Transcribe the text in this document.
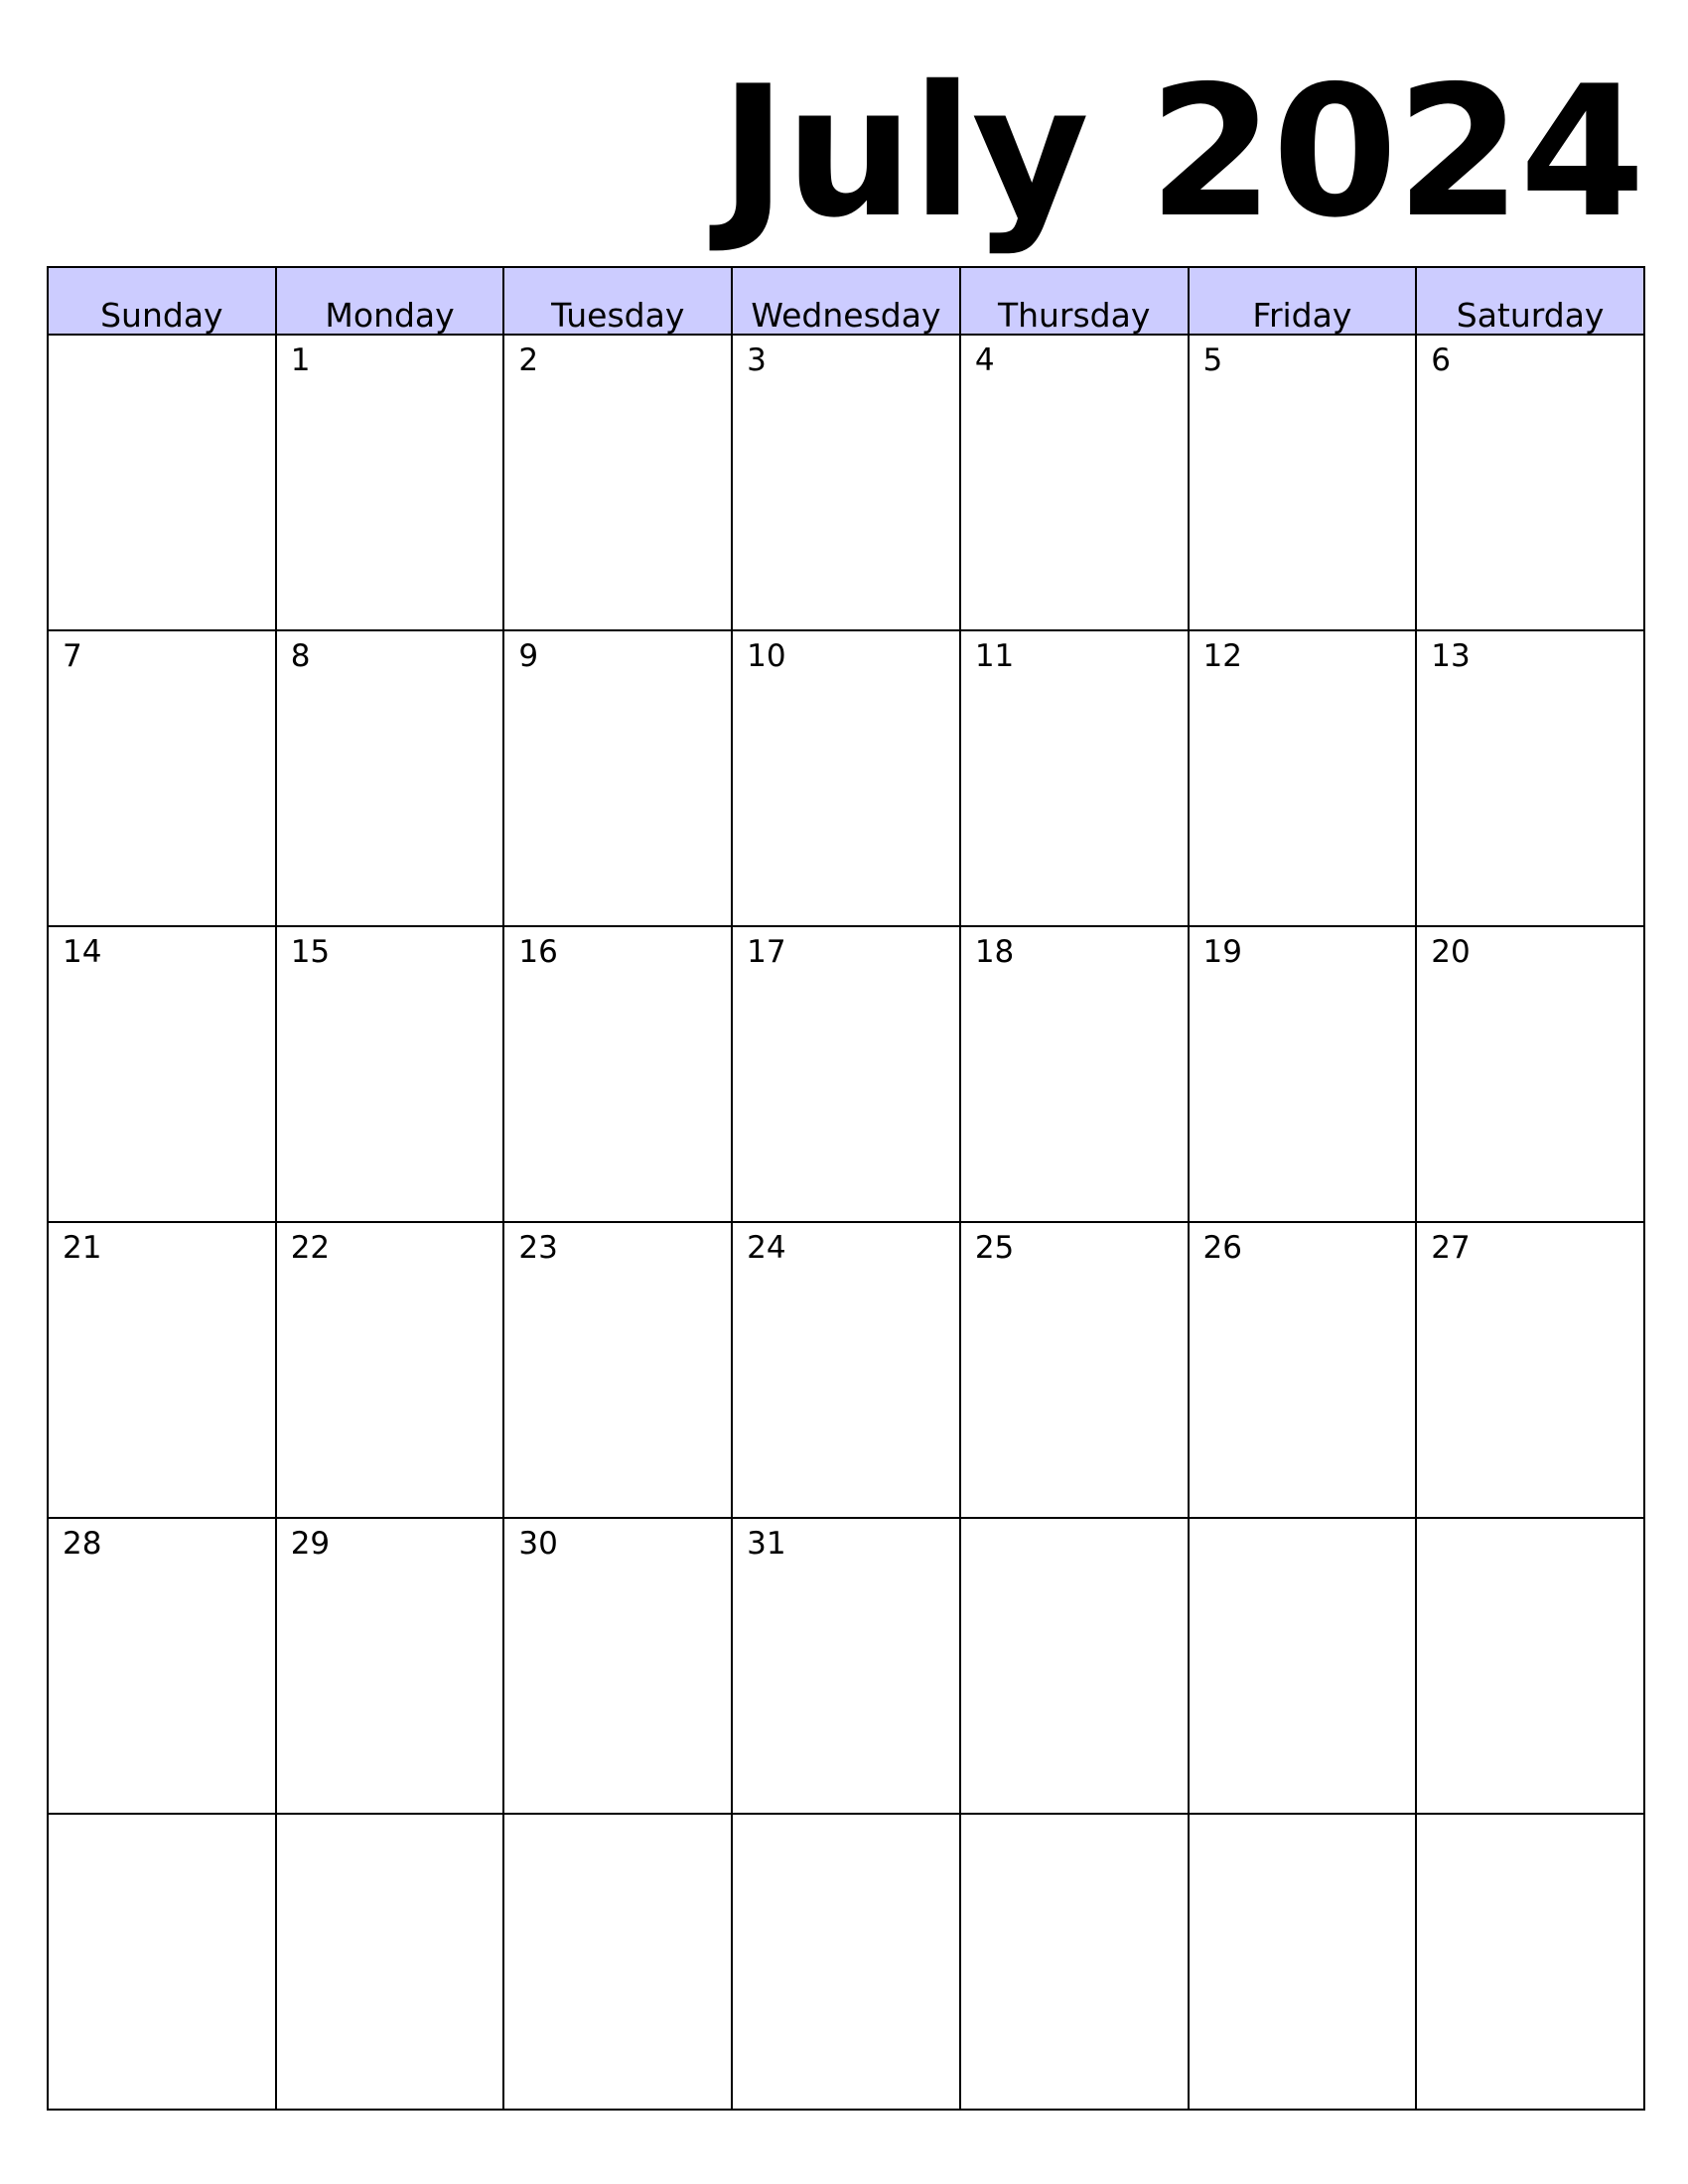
July 2024
Sunday	Monday	Tuesday	Wednesday	Thursday	Friday	Saturday

	1	2	3	4	5	6

7	8	9	10	11	12	13

14	15	16	17	18	19	20

21	22	23	24	25	26	27

28	29	30	31			
